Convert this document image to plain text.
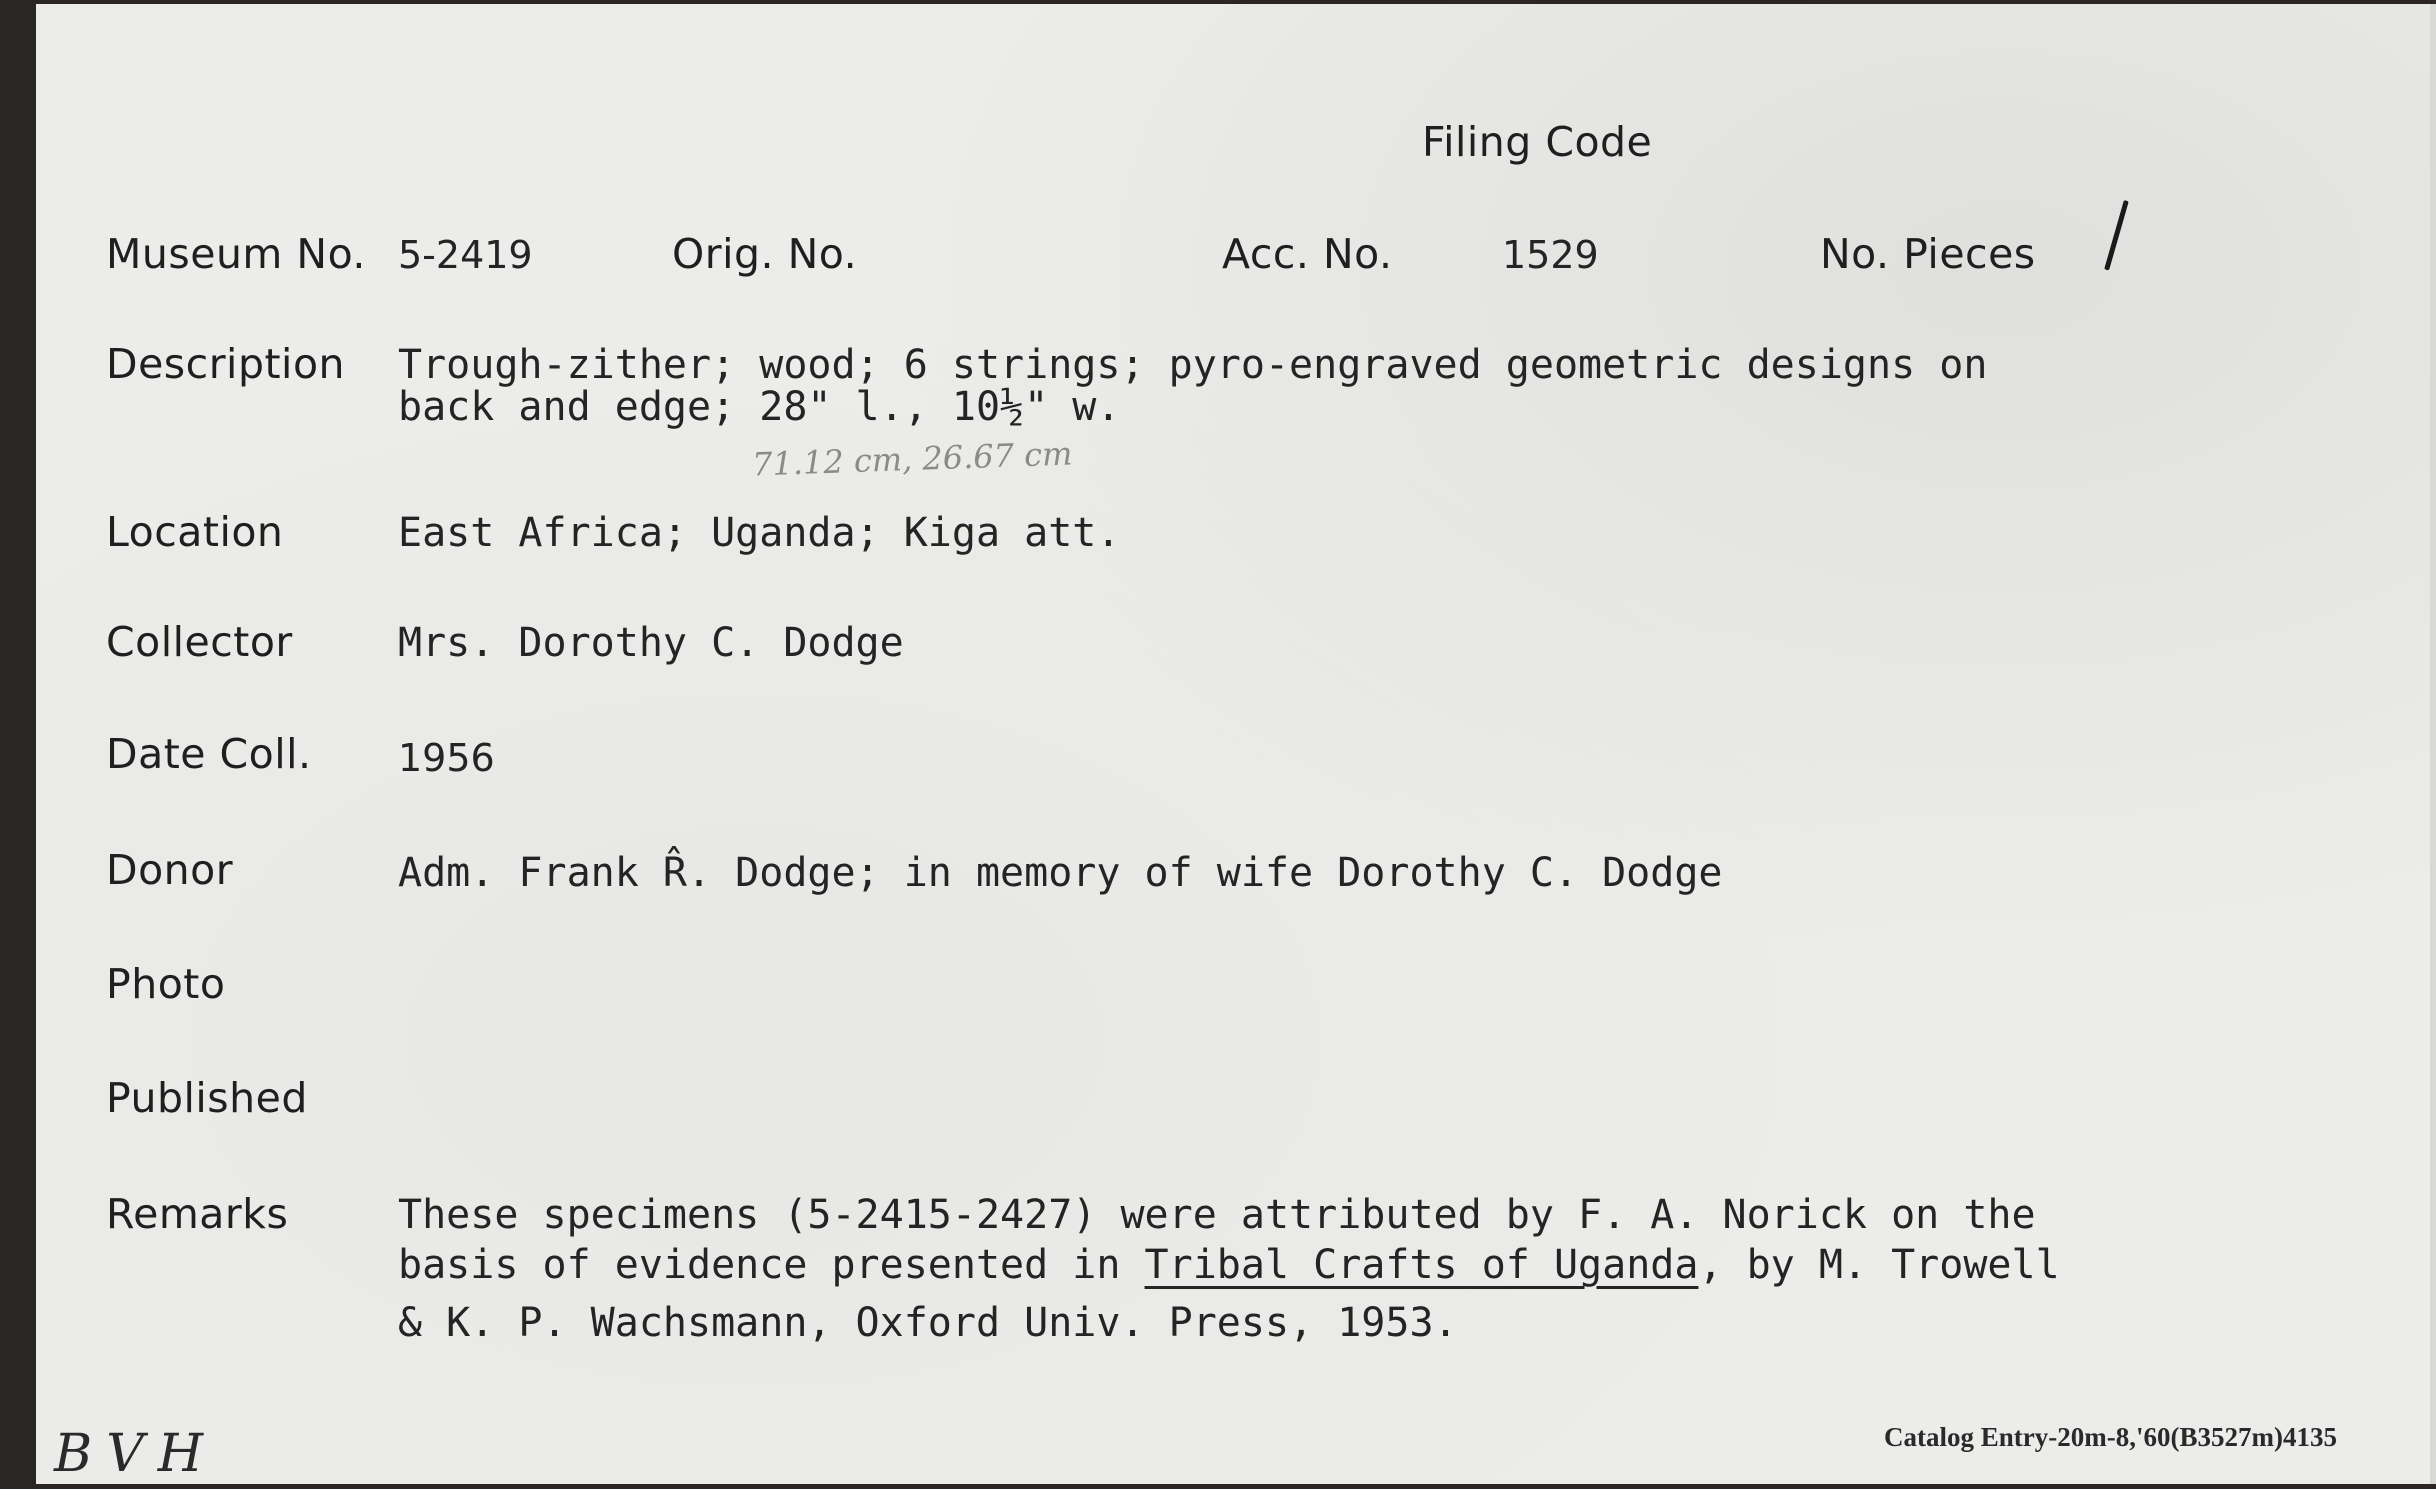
Filing Code
Museum No. 5-2419	Orig. No.	Acc. No.	1529	No. Pieces
Description Trough-zither; wood; 6 strings; pyro-engraved geometric designs on
back and edge; 28" l., 10½" w.
71.12 cm, 26.67 cm
Location	East Africa; Uganda; Kiga att.
Collector	Mrs. Dorothy C. Dodge
Date Coll. 1956
Donor	Adm. Frank R̂. Dodge; in memory of wife Dorothy C. Dodge
Photo
Published
Remarks	These specimens (5-2415-2427) were attributed by F. A. Norick on the
basis of evidence presented in Tribal Crafts of Uganda, by M. Trowell
& K. P. Wachsmann, Oxford Univ. Press, 1953.
BVH	Catalog Entry-20m-8,'60(B3527m)4135
